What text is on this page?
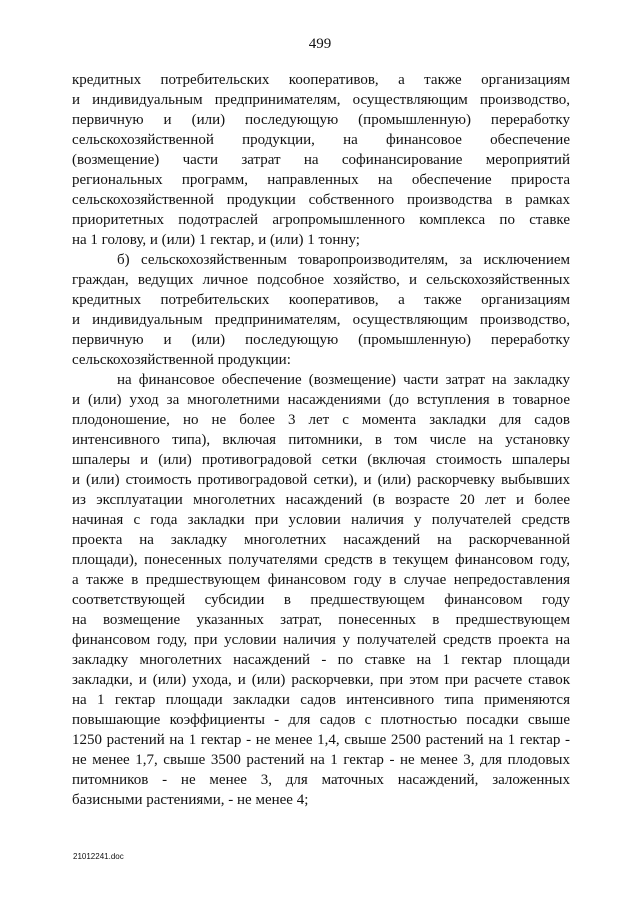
499
кредитных потребительских кооперативов, а также организациям
и индивидуальным предпринимателям, осуществляющим производство,
первичную и (или) последующую (промышленную) переработку
сельскохозяйственной продукции, на финансовое обеспечение
(возмещение) части затрат на софинансирование мероприятий
региональных программ, направленных на обеспечение прироста
сельскохозяйственной продукции собственного производства в рамках
приоритетных подотраслей агропромышленного комплекса по ставке
на 1 голову, и (или) 1 гектар, и (или) 1 тонну;
б) сельскохозяйственным товаропроизводителям, за исключением
граждан, ведущих личное подсобное хозяйство, и сельскохозяйственных
кредитных потребительских кооперативов, а также организациям
и индивидуальным предпринимателям, осуществляющим производство,
первичную и (или) последующую (промышленную) переработку
сельскохозяйственной продукции:
на финансовое обеспечение (возмещение) части затрат на закладку
и (или) уход за многолетними насаждениями (до вступления в товарное
плодоношение, но не более 3 лет с момента закладки для садов
интенсивного типа), включая питомники, в том числе на установку
шпалеры и (или) противоградовой сетки (включая стоимость шпалеры
и (или) стоимость противоградовой сетки), и (или) раскорчевку выбывших
из эксплуатации многолетних насаждений (в возрасте 20 лет и более
начиная с года закладки при условии наличия у получателей средств
проекта на закладку многолетних насаждений на раскорчеванной
площади), понесенных получателями средств в текущем финансовом году,
а также в предшествующем финансовом году в случае непредоставления
соответствующей субсидии в предшествующем финансовом году
на возмещение указанных затрат, понесенных в предшествующем
финансовом году, при условии наличия у получателей средств проекта на
закладку многолетних насаждений - по ставке на 1 гектар площади
закладки, и (или) ухода, и (или) раскорчевки, при этом при расчете ставок
на 1 гектар площади закладки садов интенсивного типа применяются
повышающие коэффициенты - для садов с плотностью посадки свыше
1250 растений на 1 гектар - не менее 1,4, свыше 2500 растений на 1 гектар -
не менее 1,7, свыше 3500 растений на 1 гектар - не менее 3, для плодовых
питомников - не менее 3, для маточных насаждений, заложенных
базисными растениями, - не менее 4;
21012241.doc
